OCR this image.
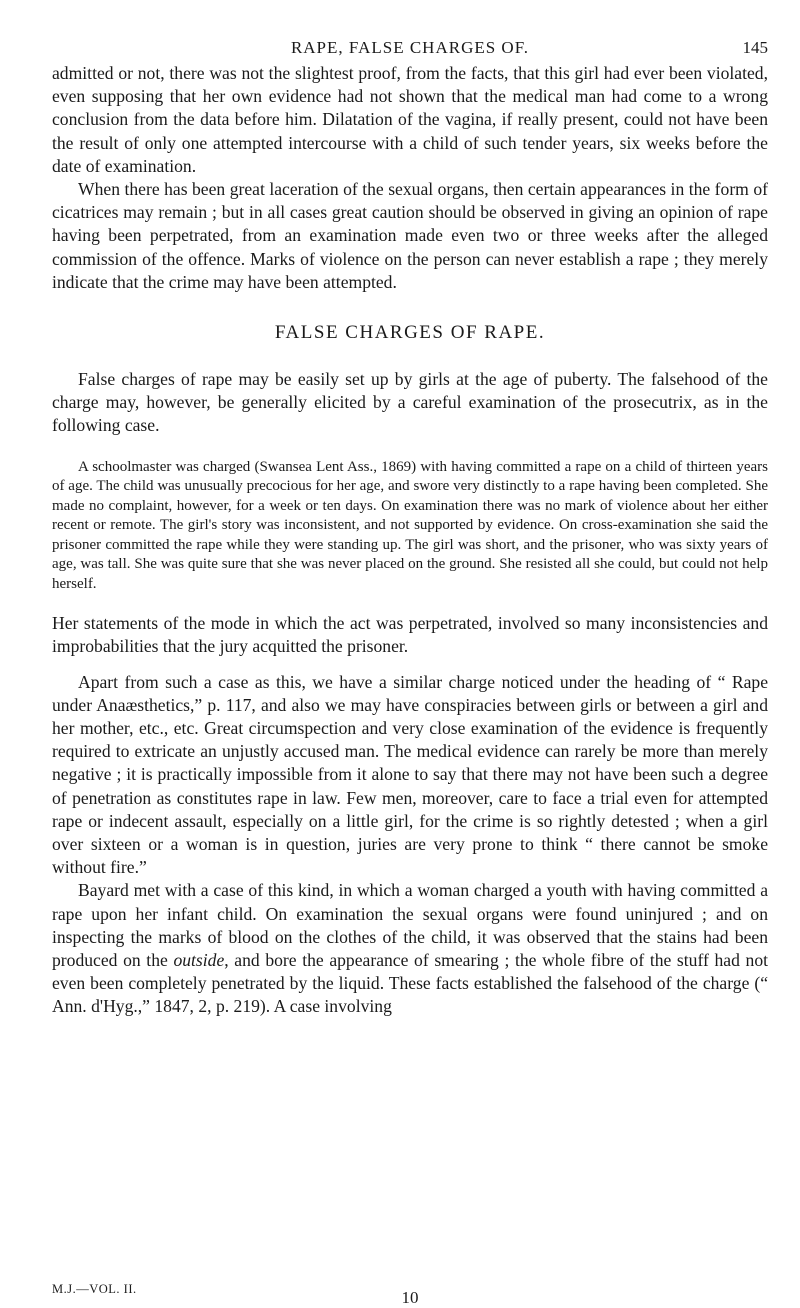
RAPE, FALSE CHARGES OF.	145

admitted or not, there was not the slightest proof, from the facts, that this girl had ever been violated, even supposing that her own evidence had not shown that the medical man had come to a wrong conclusion from the data before him. Dilatation of the vagina, if really present, could not have been the result of only one attempted intercourse with a child of such tender years, six weeks before the date of examination.

When there has been great laceration of the sexual organs, then certain appearances in the form of cicatrices may remain ; but in all cases great caution should be observed in giving an opinion of rape having been perpetrated, from an examination made even two or three weeks after the alleged commission of the offence. Marks of violence on the person can never establish a rape ; they merely indicate that the crime may have been attempted.

FALSE CHARGES OF RAPE.

False charges of rape may be easily set up by girls at the age of puberty. The falsehood of the charge may, however, be generally elicited by a careful examination of the prosecutrix, as in the following case.

A schoolmaster was charged (Swansea Lent Ass., 1869) with having committed a rape on a child of thirteen years of age. The child was unusually precocious for her age, and swore very distinctly to a rape having been completed. She made no complaint, however, for a week or ten days. On examination there was no mark of violence about her either recent or remote. The girl's story was inconsistent, and not supported by evidence. On cross-examination she said the prisoner committed the rape while they were standing up. The girl was short, and the prisoner, who was sixty years of age, was tall. She was quite sure that she was never placed on the ground. She resisted all she could, but could not help herself.

Her statements of the mode in which the act was perpetrated, involved so many inconsistencies and improbabilities that the jury acquitted the prisoner.

Apart from such a case as this, we have a similar charge noticed under the heading of “ Rape under Anaæsthetics,” p. 117, and also we may have conspiracies between girls or between a girl and her mother, etc., etc. Great circumspection and very close examination of the evidence is frequently required to extricate an unjustly accused man. The medical evidence can rarely be more than merely negative ; it is practically impossible from it alone to say that there may not have been such a degree of penetration as constitutes rape in law. Few men, moreover, care to face a trial even for attempted rape or indecent assault, especially on a little girl, for the crime is so rightly detested ; when a girl over sixteen or a woman is in question, juries are very prone to think “ there cannot be smoke without fire.”

Bayard met with a case of this kind, in which a woman charged a youth with having committed a rape upon her infant child. On examination the sexual organs were found uninjured ; and on inspecting the marks of blood on the clothes of the child, it was observed that the stains had been produced on the outside, and bore the appearance of smearing ; the whole fibre of the stuff had not even been completely penetrated by the liquid. These facts established the falsehood of the charge (“ Ann. d'Hyg.,” 1847, 2, p. 219). A case involving

M.J.—VOL. II.	10
